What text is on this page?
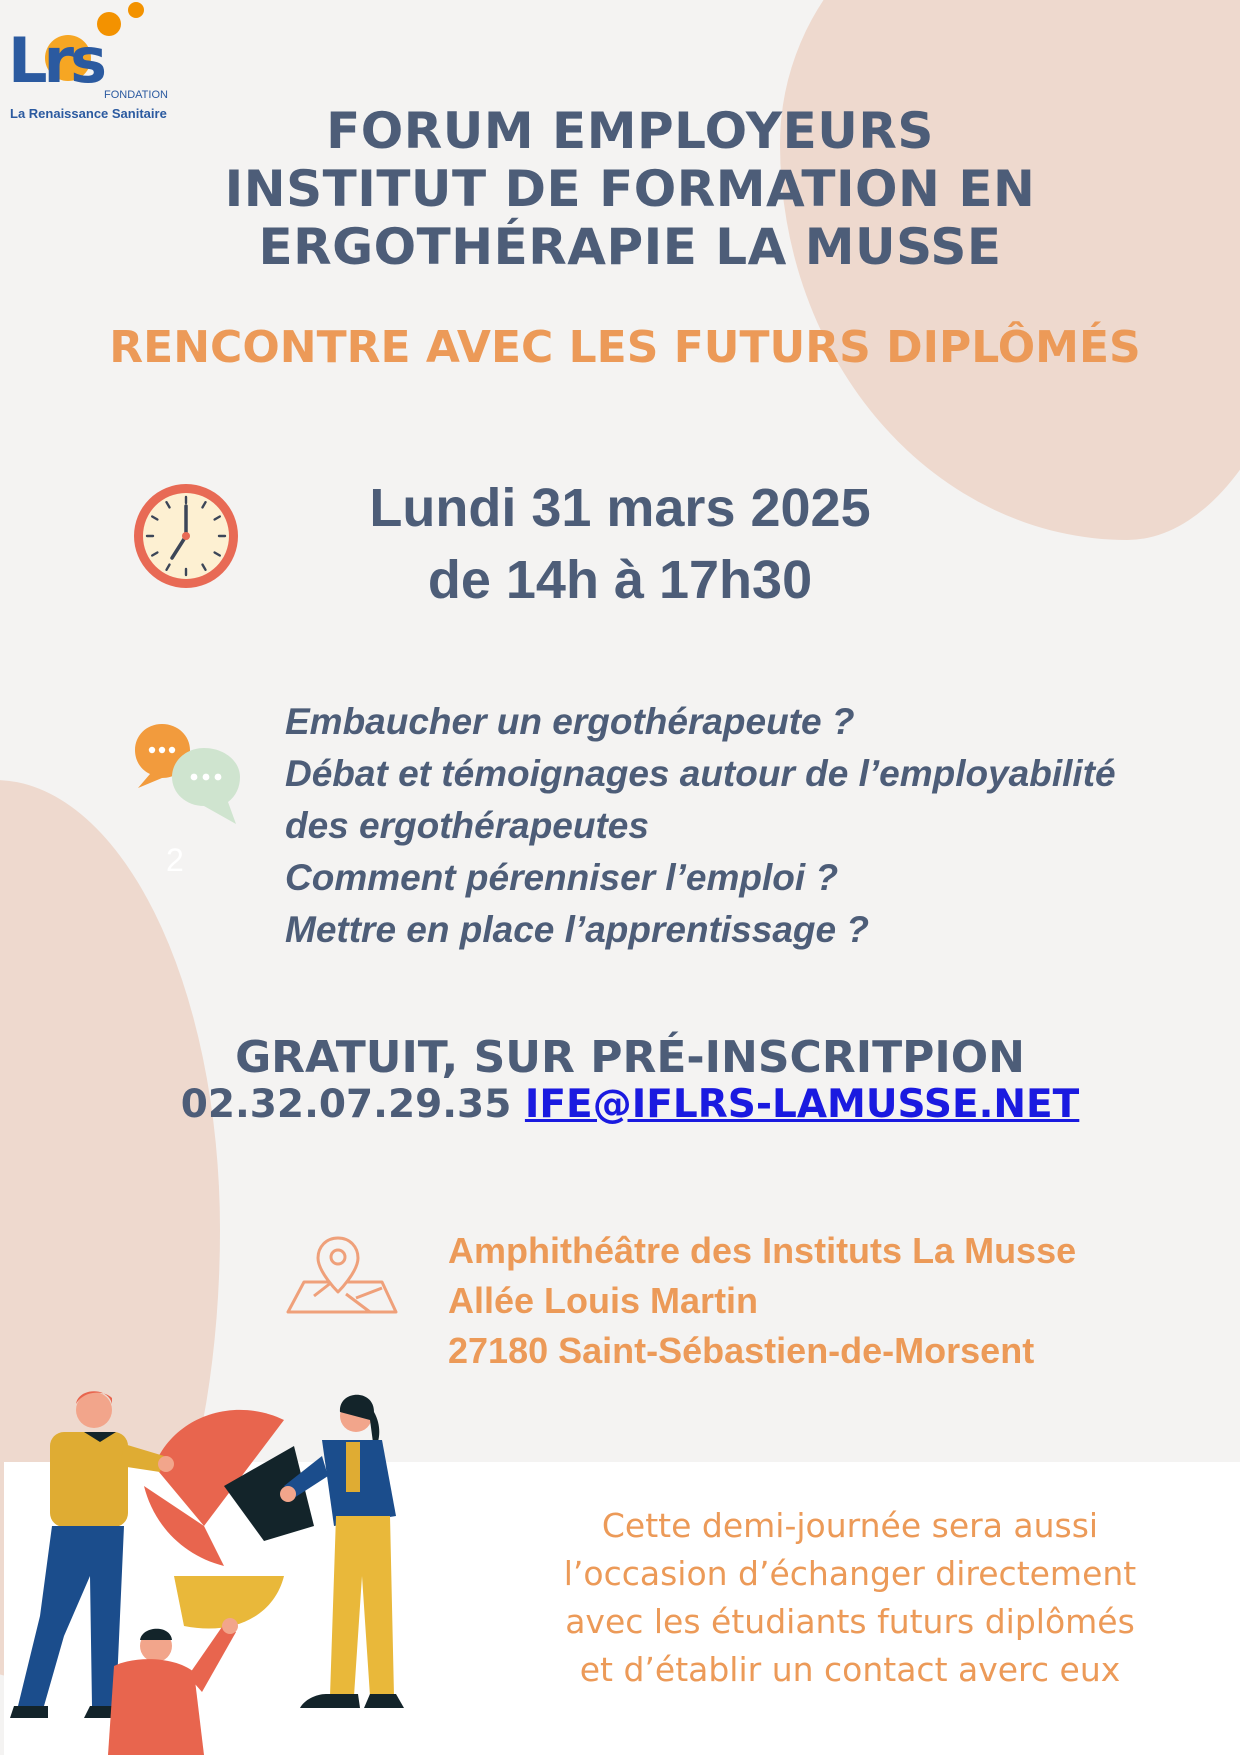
Lrs FONDATION
La Renaissance Sanitaire	FORUM EMPLOYEURS
INSTITUT DE FORMATION EN
ERGOTHÉRAPIE LA MUSSE
RENCONTRE AVEC LES FUTURS DIPLÔMÉS
Lundi 31 mars 2025
de 14h à 17h30
2
Embaucher un ergothérapeute ?
Débat et témoignages autour de l’employabilité
des ergothérapeutes
Comment pérenniser l’emploi ?
Mettre en place l’apprentissage ?
GRATUIT, SUR PRÉ-INSCRITPION
02.32.07.29.35 IFE@IFLRS-LAMUSSE.NET
Amphithéâtre des Instituts La Musse
Allée Louis Martin
27180 Saint-Sébastien-de-Morsent
Cette demi-journée sera aussi
l’occasion d’échanger directement
avec les étudiants futurs diplômés
et d’établir un contact averc eux
